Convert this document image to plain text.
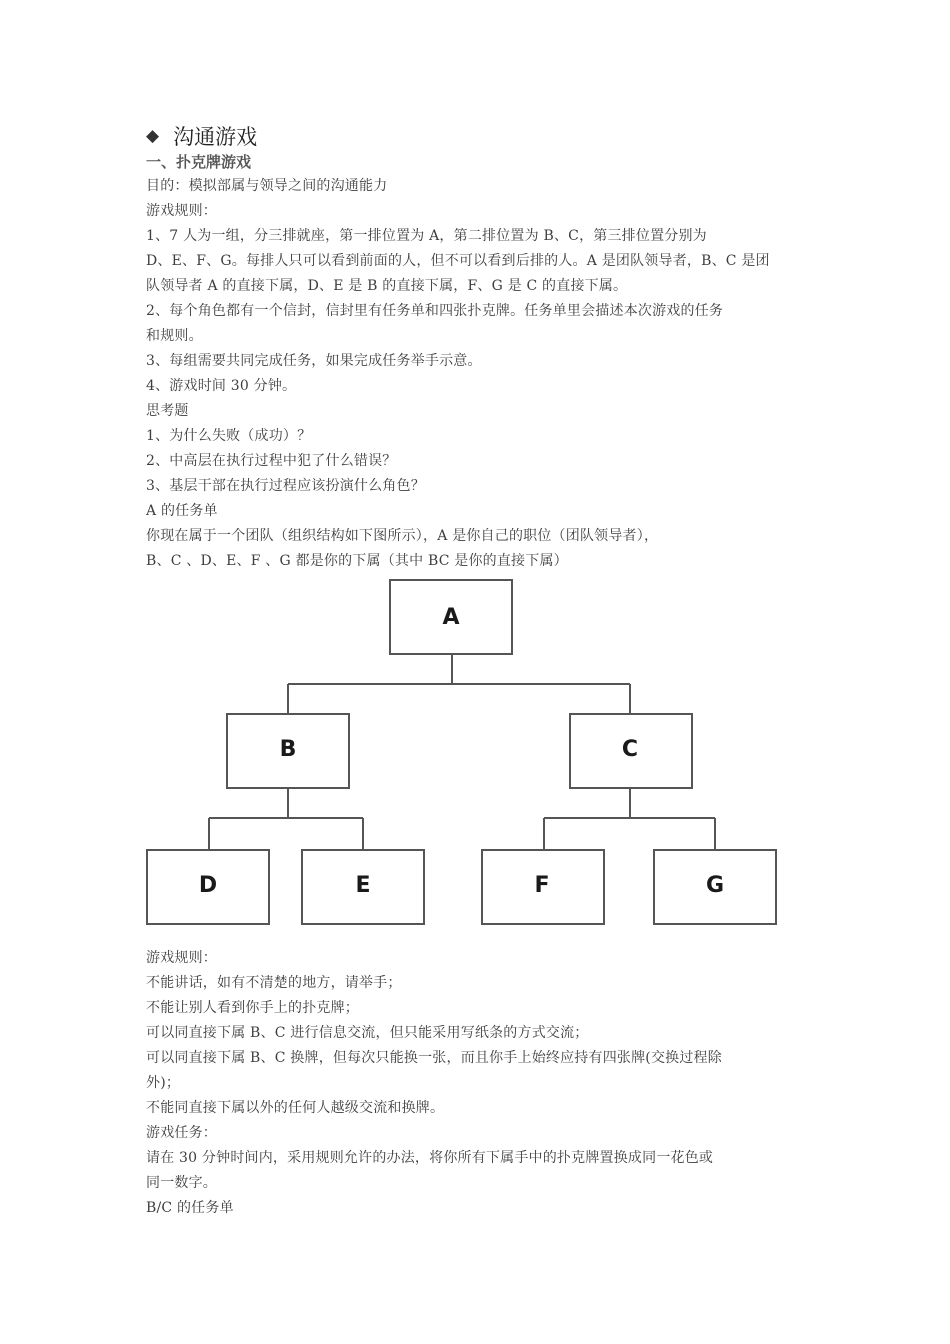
◆ 沟通游戏
一、扑克牌游戏
目的：模拟部属与领导之间的沟通能力
游戏规则：
1、7 人为一组，分三排就座，第一排位置为 A，第二排位置为 B、C，第三排位置分别为
D、E、F、G。每排人只可以看到前面的人，但不可以看到后排的人。A 是团队领导者，B、C 是团
队领导者 A 的直接下属，D、E 是 B 的直接下属，F、G 是 C 的直接下属。
2、每个角色都有一个信封，信封里有任务单和四张扑克牌。任务单里会描述本次游戏的任务
和规则。
3、每组需要共同完成任务，如果完成任务举手示意。
4、游戏时间 30 分钟。
思考题
1、为什么失败（成功）？
2、中高层在执行过程中犯了什么错误？
3、基层干部在执行过程应该扮演什么角色？
A 的任务单
你现在属于一个团队（组织结构如下图所示），A 是你自己的职位（团队领导者），
B、C 、D、E、F 、G 都是你的下属（其中 BC 是你的直接下属）
A
B	C
D	E	F	G
游戏规则：
不能讲话，如有不清楚的地方，请举手；
不能让别人看到你手上的扑克牌；
可以同直接下属 B、C 进行信息交流，但只能采用写纸条的方式交流；
可以同直接下属 B、C 换牌，但每次只能换一张，而且你手上始终应持有四张牌(交换过程除
外)；
不能同直接下属以外的任何人越级交流和换牌。
游戏任务：
请在 30 分钟时间内，采用规则允许的办法，将你所有下属手中的扑克牌置换成同一花色或
同一数字。
B/C 的任务单
